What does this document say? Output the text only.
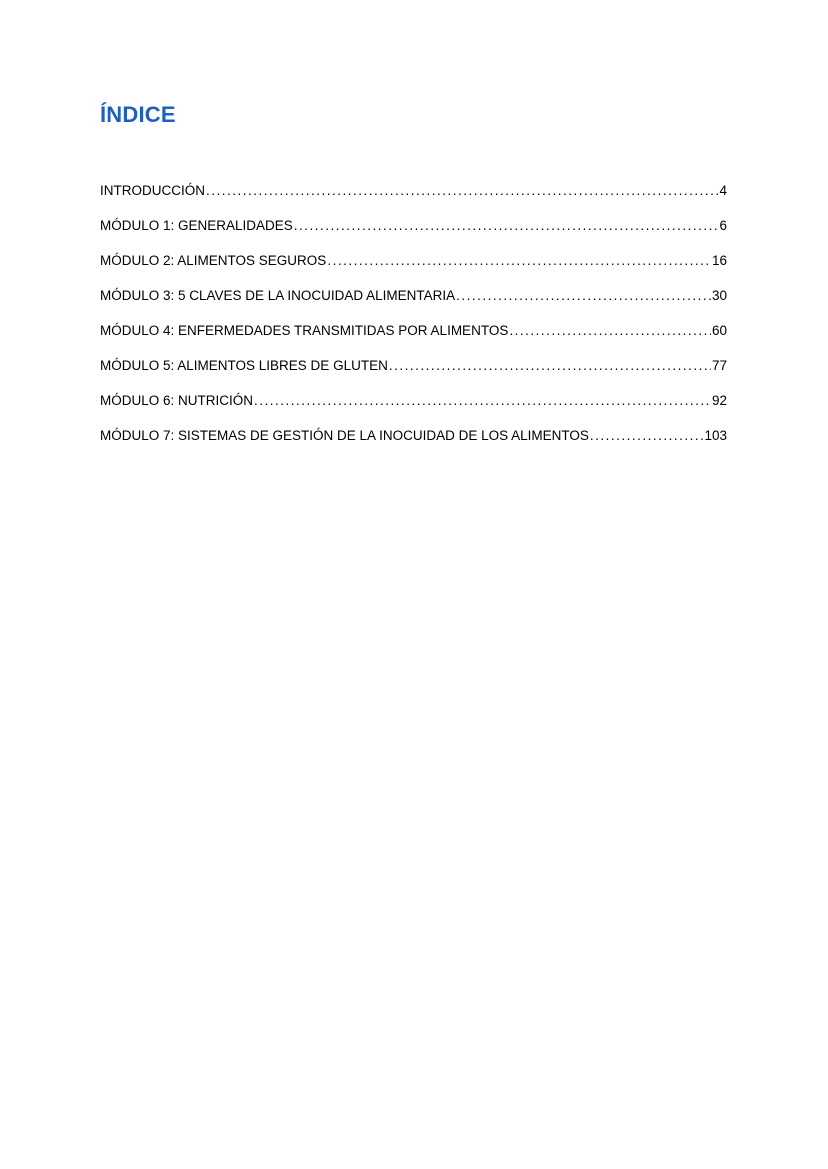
ÍNDICE
INTRODUCCIÓN .....	4
MÓDULO 1: GENERALIDADES .....	6
MÓDULO 2: ALIMENTOS SEGUROS .....	16
MÓDULO 3: 5 CLAVES DE LA INOCUIDAD ALIMENTARIA .....	30
MÓDULO 4: ENFERMEDADES TRANSMITIDAS POR ALIMENTOS .....	60
MÓDULO 5: ALIMENTOS LIBRES DE GLUTEN .....	77
MÓDULO 6: NUTRICIÓN .....	92
MÓDULO 7: SISTEMAS DE GESTIÓN DE LA INOCUIDAD DE LOS ALIMENTOS .....	103
